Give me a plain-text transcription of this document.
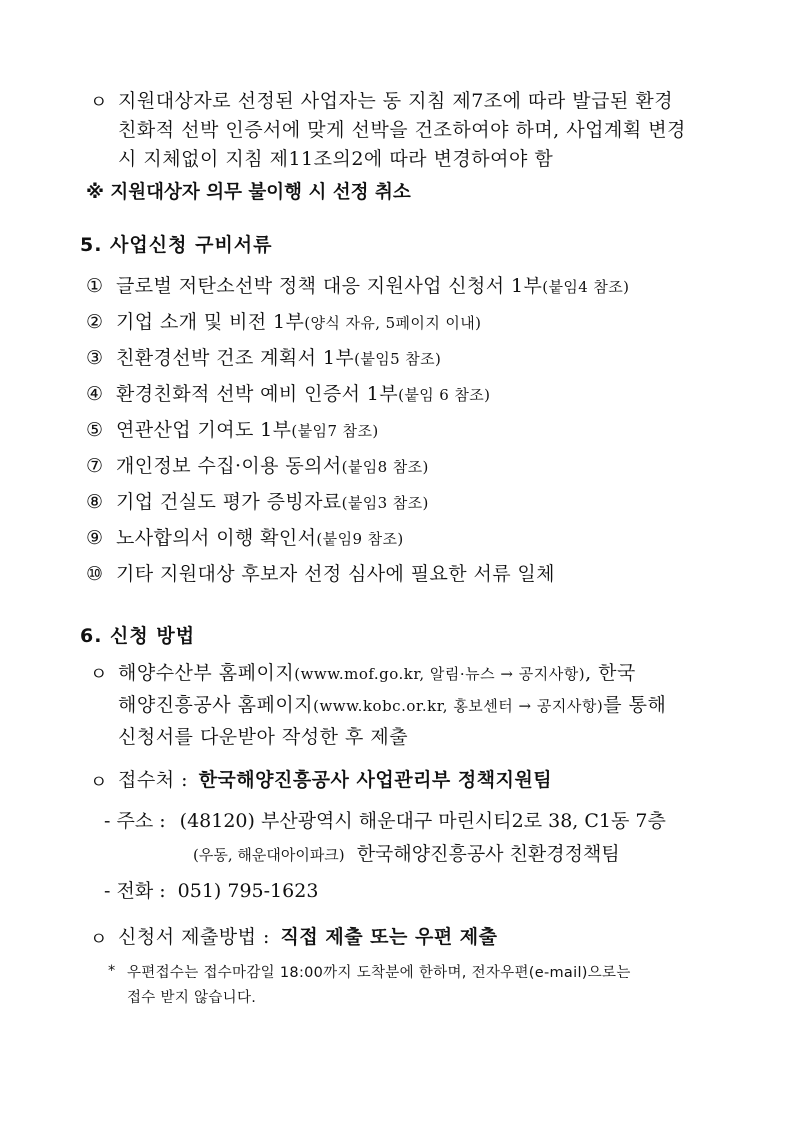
ㅇ 지원대상자로 선정된 사업자는 동 지침 제7조에 따라 발급된 환경
친화적 선박 인증서에 맞게 선박을 건조하여야 하며, 사업계획 변경
시 지체없이 지침 제11조의2에 따라 변경하여야 함
※ 지원대상자 의무 불이행 시 선정 취소
5. 사업신청 구비서류
① 글로벌 저탄소선박 정책 대응 지원사업 신청서 1부(붙임4 참조)
② 기업 소개 및 비전 1부(양식 자유, 5페이지 이내)
③ 친환경선박 건조 계획서 1부(붙임5 참조)
④ 환경친화적 선박 예비 인증서 1부(붙임 6 참조)
⑤ 연관산업 기여도 1부(붙임7 참조)
⑦ 개인정보 수집·이용 동의서(붙임8 참조)
⑧ 기업 건실도 평가 증빙자료(붙임3 참조)
⑨ 노사합의서 이행 확인서(붙임9 참조)
⑩ 기타 지원대상 후보자 선정 심사에 필요한 서류 일체
6. 신청 방법
ㅇ 해양수산부 홈페이지(www.mof.go.kr, 알림·뉴스 → 공지사항), 한국
해양진흥공사 홈페이지(www.kobc.or.kr, 홍보센터 → 공지사항)를 통해
신청서를 다운받아 작성한 후 제출
ㅇ 접수처 : 한국해양진흥공사 사업관리부 정책지원팀
- 주소 : (48120) 부산광역시 해운대구 마린시티2로 38, C1동 7층
(우동, 해운대아이파크) 한국해양진흥공사 친환경정책팀
- 전화 : 051) 795-1623
ㅇ 신청서 제출방법 : 직접 제출 또는 우편 제출
* 우편접수는 접수마감일 18:00까지 도착분에 한하며, 전자우편(e-mail)으로는
접수 받지 않습니다.
